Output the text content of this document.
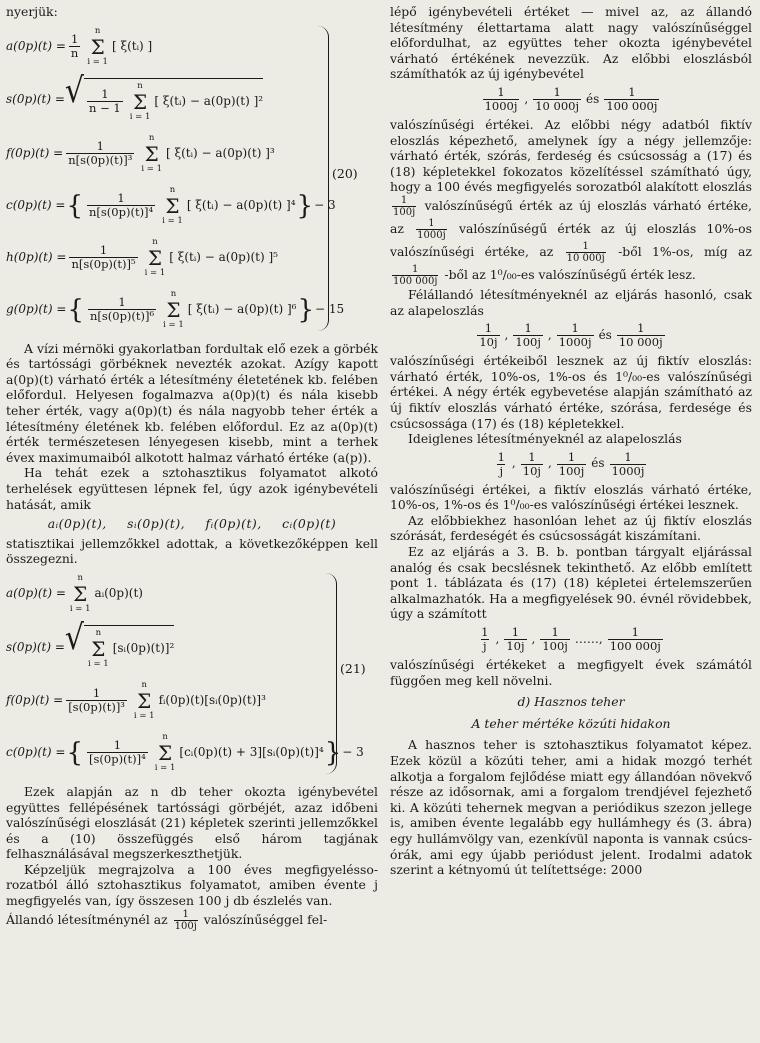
nyerjük:

$a(0p)(t) = \frac{1}{n}$
n
Σ
i = 1
[ ξ(tᵢ) ]
s(0p)(t) = √ $\frac{1}{n - 1}$
n
Σ
i = 1
[ ξ(tᵢ) − a(0p)(t) ]²
$f(0p)(t) = \frac{1}{\text{n[s(0p)(t)]³}}$
n
Σ
i = 1
[ ξ(tᵢ) − a(0p)(t) ]³
c(0p)(t) = { $\frac{1}{\text{n[s(0p)(t)]⁴}}$
n
Σ
i = 1
[ ξ(tᵢ) − a(0p)(t) ]⁴ } − 3
$h(0p)(t) = \frac{1}{\text{n[s(0p)(t)]⁵}}$
n
Σ
i = 1
[ ξ(tᵢ) − a(0p)(t) ]⁵
g(0p)(t) = { $\frac{1}{\text{n[s(0p)(t)]⁶}}$
n
Σ
i = 1
[ ξ(tᵢ) − a(0p)(t) ]⁶ } − 15
(20)

A vízi mérnöki gyakorlatban fordultak elő ezek a görbék és tartóssági görbéknek nevezték azokat. Azígy kapott a(0p)(t) várható érték a létesítmény életetének kb. felében előfordul. Helyesen fogalmazva a(0p)(t) és nála kisebb teher érték, vagy a(0p)(t) és nála nagyobb teher érték a létesítmény életének kb. felében előfordul. Ez az a(0p)(t) érték természetesen lényegesen kisebb, mint a terhek évex maximumaiból alkotott halmaz várható értéke (a(p)).

Ha tehát ezek a sztohasztikus folyamatot alkotó terhelések együttesen lépnek fel, úgy azok igénybevételi hatását, amik

aᵢ(0p)(t), sᵢ(0p)(t), fᵢ(0p)(t), cᵢ(0p)(t)

statisztikai jellemzőkkel adottak, a következőképpen kell összegezni.

a(0p)(t) =
n
Σ
i = 1
aᵢ(0p)(t)
s(0p)(t) = √ n
Σ
i = 1
[sᵢ(0p)(t)]²
$f(0p)(t) = \frac{1}{\text{[s(0p)(t)]³}}$
n
Σ
i = 1
fᵢ(0p)(t)[sᵢ(0p)(t)]³
c(0p)(t) = { $\frac{1}{\text{[s(0p)(t)]⁴}}$
n
Σ
i = 1
[cᵢ(0p)(t) + 3][sᵢ(0p)(t)]⁴ } − 3
(21)

Ezek alapján az n db teher okozta igénybevétel együttes fellépésének tartóssági görbéjét, azaz időbeni valószínűségi eloszlását (21) képletek szerinti jellemzőkkel és a (10) összefüggés első három tagjának felhasználásával megszerkeszthetjük.

Képzeljük megrajzolva a 100 éves megfigyeléssorozatból álló sztohasztikus folyamatot, amiben évente j megfigyelés van, így összesen 100 j db észlelés van.

Állandó létesítménynél az $\frac{1}{100j}$ valószínűséggel fel-

lépő igénybevételi értéket — mivel az, az állandó létesítmény élettartama alatt nagy valószínűséggel előfordulhat, az együttes teher okozta igénybevétel várható értékének nevezzük. Az előbbi eloszlásból számíthatók az új igénybevétel

$\frac{1}{1000j}$ , $\frac{1}{10 000j}$ és $\frac{1}{100 000j}$

valószínűségi értékei. Az előbbi négy adatból fiktív eloszlás képezhető, amelynek így a négy jellemzője: várható érték, szórás, ferdeség és csúcsosság a (17) és (18) képletekkel fokozatos közelítéssel számítható úgy, hogy a 100 évés megfigyelés sorozatból alakított eloszlás
$\frac{1}{100j}$ valószínűségű érték az új eloszlás várható értéke, az $\frac{1}{1000j}$ valószínűségű érték az új eloszlás 10%-os valószínűségi értéke, az $\frac{1}{10 000j}$ -ből 1%-os, míg az
$\frac{1}{100 000j}$ -ből az 1⁰/₀₀-es valószínűségű érték lesz.

Félállandó létesítményeknél az eljárás hasonló, csak az alapeloszlás

$\frac{1}{10j}$ , $\frac{1}{100j}$ , $\frac{1}{1000j}$ és $\frac{1}{10 000j}$

valószínűségi értékeiből lesznek az új fiktív eloszlás: várható érték, 10%-os, 1%-os és 1⁰/₀₀-es valószínűségi értékei. A négy érték egybevetése alapján számítható az új fiktív eloszlás várható értéke, szórása, ferdesége és csúcsossága (17) és (18) képletekkel.

Ideiglenes létesítményeknél az alapeloszlás

$\frac{1}{j}$ , $\frac{1}{10j}$ , $\frac{1}{100j}$ és $\frac{1}{1000j}$

valószínűségi értékei, a fiktív eloszlás várható értéke, 10%-os, 1%-os és 1⁰/₀₀-es valószínűségi értékei lesznek.

Az előbbiekhez hasonlóan lehet az új fiktív eloszlás szórását, ferdeségét és csúcsosságát kiszámítani.

Ez az eljárás a 3. B. b. pontban tárgyalt eljárással analóg és csak becslésnek tekinthető. Az előbb említett pont 1. táblázata és (17) (18) képletei értelemszerűen alkalmazhatók. Ha a megfigyelések 90. évnél rövidebbek, úgy a számított

$\frac{1}{j}$ , $\frac{1}{10j}$ , $\frac{1}{100j}$ ……, $\frac{1}{100 000j}$

valószínűségi értékeket a megfigyelt évek számától függően meg kell növelni.

d) Hasznos teher
A teher mértéke közúti hidakon

A hasznos teher is sztohasztikus folyamatot képez. Ezek közül a közúti teher, ami a hidak mozgó terhét alkotja a forgalom fejlődése miatt egy állandóan növekvő része az idősornak, ami a forgalom trendjével fejezhető ki. A közúti tehernek megvan a periódikus szezon jellege is, amiben évente legalább egy hullámhegy és (3. ábra) egy hullámvölgy van, ezenkívül naponta is vannak csúcsórák, ami egy újabb periódust jelent. Irodalmi adatok szerint a kétnyomú út telítettsége: 2000
